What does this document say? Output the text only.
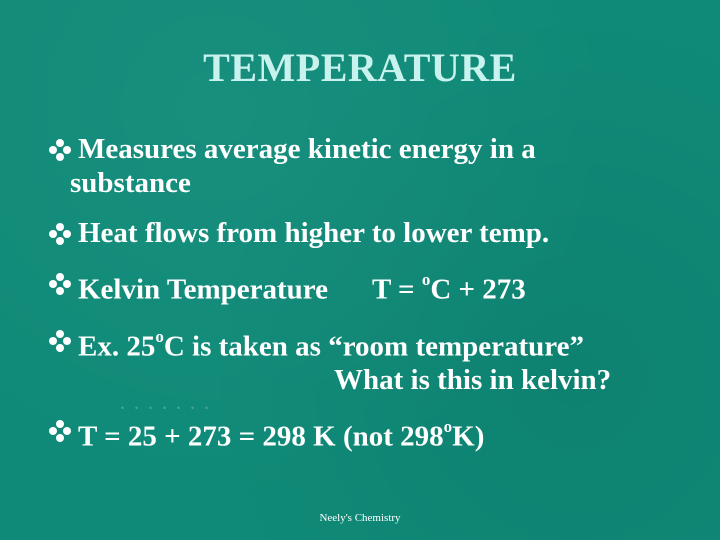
TEMPERATURE
. . . . . . .
Measures average kinetic energy in a
substance
Heat flows from higher to lower temp.
Kelvin Temperature T = $^o$C + 273
Ex. 25$^o$C is taken as “room temperature”
What is this in kelvin?
T = 25 + 273 = 298 K (not 298$^o$K)
Neely's Chemistry
